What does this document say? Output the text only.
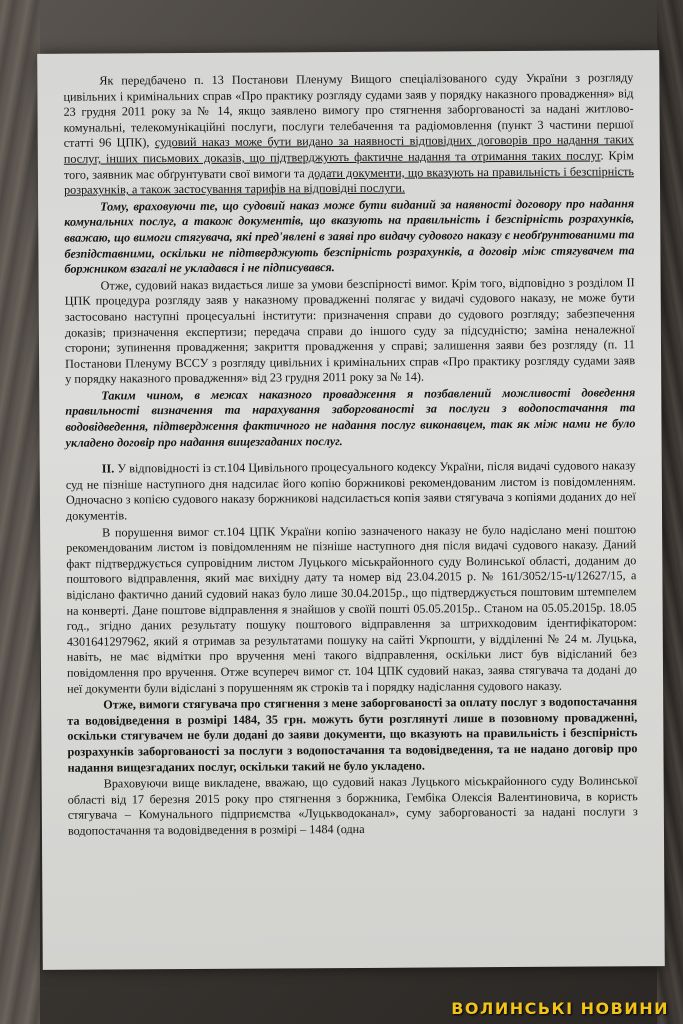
Як передбачено п. 13 Постанови Пленуму Вищого спеціалізованого суду України з розгляду цивільних і кримінальних справ «Про практику розгляду судами заяв у порядку наказного провадження» від 23 грудня 2011 року за № 14, якщо заявлено вимогу про стягнення заборгованості за надані житлово-комунальні, телекомунікаційні послуги, послуги телебачення та радіомовлення (пункт 3 частини першої статті 96 ЦПК), судовий наказ може бути видано за наявності відповідних договорів про надання таких послуг, інших письмових доказів, що підтверджують фактичне надання та отримання таких послуг. Крім того, заявник має обґрунтувати свої вимоги та додати документи, що вказують на правильність і безспірність розрахунків, а також застосування тарифів на відповідні послуги.

Тому, враховуючи те, що судовий наказ може бути виданий за наявності договору про надання комунальних послуг, а також документів, що вказують на правильність і безспірність розрахунків, вважаю, що вимоги стягувача, які пред'явлені в заяві про видачу судового наказу є необґрунтованими та безпідставними, оскільки не підтверджують безспірність розрахунків, а договір між стягувачем та боржником взагалі не укладався і не підписувався.

Отже, судовий наказ видається лише за умови безспірності вимог. Крім того, відповідно з розділом ІІ ЦПК процедура розгляду заяв у наказному провадженні полягає у видачі судового наказу, не може бути застосовано наступні процесуальні інститути: призначення справи до судового розгляду; забезпечення доказів; призначення експертизи; передача справи до іншого суду за підсудністю; заміна неналежної сторони; зупинення провадження; закриття провадження у справі; залишення заяви без розгляду (п. 11 Постанови Пленуму ВССУ з розгляду цивільних і кримінальних справ «Про практику розгляду судами заяв у порядку наказного провадження» від 23 грудня 2011 року за № 14).

Таким чином, в межах наказного провадження я позбавлений можливості доведення правильності визначення та нарахування заборгованості за послуги з водопостачання та водовідведення, підтвердження фактичного не надання послуг виконавцем, так як між нами не було укладено договір про надання вищезгаданих послуг.

ІІ. У відповідності із ст.104 Цивільного процесуального кодексу України, після видачі судового наказу суд не пізніше наступного дня надсилає його копію боржникові рекомендованим листом із повідомленням. Одночасно з копією судового наказу боржникові надсилається копія заяви стягувача з копіями доданих до неї документів.

В порушення вимог ст.104 ЦПК України копію зазначеного наказу не було надіслано мені поштою рекомендованим листом із повідомленням не пізніше наступного дня після видачі судового наказу. Даний факт підтверджується супровідним листом Луцького міськрайонного суду Волинської області, доданим до поштового відправлення, який має вихідну дату та номер від 23.04.2015 р. № 161/3052/15-ц/12627/15, а відіслано фактично даний судовий наказ було лише 30.04.2015р., що підтверджується поштовим штемпелем на конверті. Дане поштове відправлення я знайшов у своїй пошті 05.05.2015р.. Станом на 05.05.2015р. 18.05 год., згідно даних результату пошуку поштового відправлення за штрихкодовим ідентифікатором: 4301641297962, який я отримав за результатами пошуку на сайті Укрпошти, у відділенні № 24 м. Луцька, навіть, не має відмітки про вручення мені такого відправлення, оскільки лист був відісланий без повідомлення про вручення. Отже всупереч вимог ст. 104 ЦПК судовий наказ, заява стягувача та додані до неї документи були відіслані з порушенням як строків та і порядку надіслання судового наказу.

Отже, вимоги стягувача про стягнення з мене заборгованості за оплату послуг з водопостачання та водовідведення в розмірі 1484, 35 грн. можуть бути розглянуті лише в позовному провадженні, оскільки стягувачем не були додані до заяви документи, що вказують на правильність і безспірність розрахунків заборгованості за послуги з водопостачання та водовідведення, та не надано договір про надання вищезгаданих послуг, оскільки такий не було укладено.

Враховуючи вище викладене, вважаю, що судовий наказ Луцького міськрайонного суду Волинської області від 17 березня 2015 року про стягнення з боржника, Гембіка Олексія Валентиновича, в користь стягувача – Комунального підприємства «Луцькводоканал», суму заборгованості за надані послуги з водопостачання та водовідведення в розмірі – 1484 (одна

ВОЛИНСЬКІ НОВИНИ
